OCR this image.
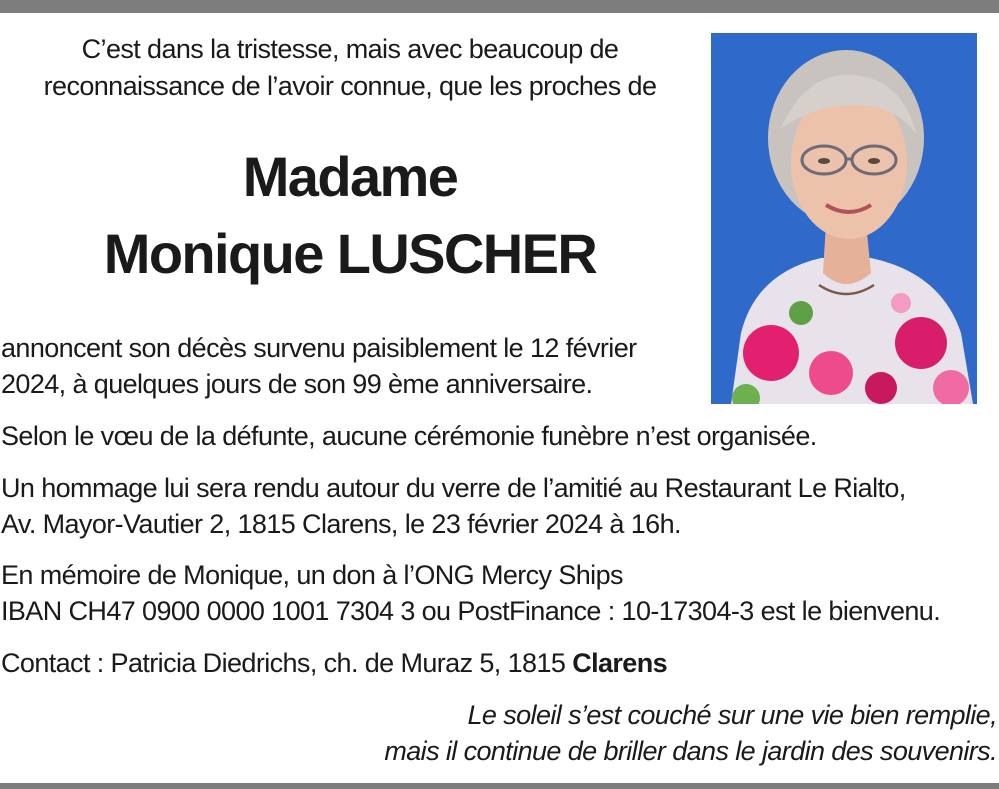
C’est dans la tristesse, mais avec beaucoup de
reconnaissance de l’avoir connue, que les proches de
Madame
Monique LUSCHER
annoncent son décès survenu paisiblement le 12 février
2024, à quelques jours de son 99 ème anniversaire.
Selon le vœu de la défunte, aucune cérémonie funèbre n’est organisée.
Un hommage lui sera rendu autour du verre de l’amitié au Restaurant Le Rialto,
Av. Mayor-Vautier 2, 1815 Clarens, le 23 février 2024 à 16h.
En mémoire de Monique, un don à l’ONG Mercy Ships
IBAN CH47 0900 0000 1001 7304 3 ou PostFinance : 10-17304-3 est le bienvenu.
Contact : Patricia Diedrichs, ch. de Muraz 5, 1815 Clarens
Le soleil s’est couché sur une vie bien remplie,
mais il continue de briller dans le jardin des souvenirs.
